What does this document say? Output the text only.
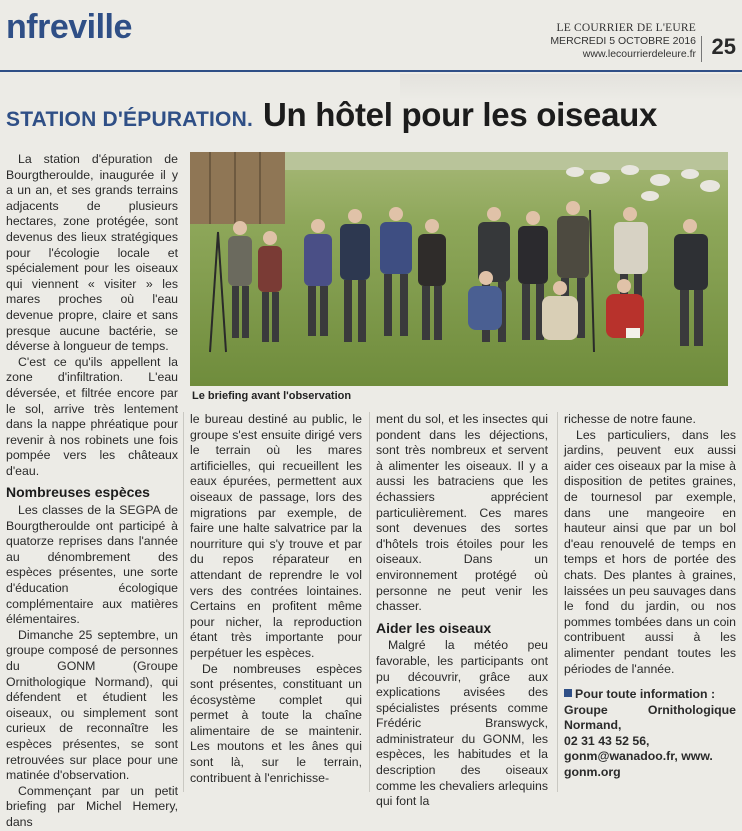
nfreville	LE COURRIER DE L'EURE
MERCREDI 5 OCTOBRE 2016
www.lecourrierdeleure.fr 25
STATION D'ÉPURATION. Un hôtel pour les oiseaux
Le briefing avant l'observation

La station d'épuration de Bourgtheroulde, inaugurée il y a un an, et ses grands terrains adjacents de plusieurs hectares, zone protégée, sont devenus des lieux stratégiques pour l'écologie locale et spécialement pour les oiseaux qui viennent « visiter » les mares proches où l'eau devenue propre, claire et sans presque aucune bactérie, se déverse à longueur de temps.

C'est ce qu'ils appellent la zone d'infiltration. L'eau déversée, et filtrée encore par le sol, arrive très lentement dans la nappe phréatique pour revenir à nos robinets une fois pompée vers les châteaux d'eau.

Nombreuses espèces

Les classes de la SEGPA de Bourgtheroulde ont participé à quatorze reprises dans l'année au dénombrement des espèces présentes, une sorte d'éducation écologique complémentaire aux matières élémentaires.

Dimanche 25 septembre, un groupe composé de personnes du GONM (Groupe Ornithologique Normand), qui défendent et étudient les oiseaux, ou simplement sont curieux de reconnaître les espèces présentes, se sont retrouvées sur place pour une matinée d'observation.

Commençant par un petit briefing par Michel Hemery, dans

le bureau destiné au public, le groupe s'est ensuite dirigé vers le terrain où les mares artificielles, qui recueillent les eaux épurées, permettent aux oiseaux de passage, lors des migrations par exemple, de faire une halte salvatrice par la nourriture qui s'y trouve et par du repos réparateur en attendant de reprendre le vol vers des contrées lointaines. Certains en profitent même pour nicher, la reproduction étant très importante pour perpétuer les espèces.

De nombreuses espèces sont présentes, constituant un écosystème complet qui permet à toute la chaîne alimentaire de se maintenir. Les moutons et les ânes qui sont là, sur le terrain, contribuent à l'enrichisse-

ment du sol, et les insectes qui pondent dans les déjections, sont très nombreux et servent à alimenter les oiseaux. Il y a aussi les batraciens que les échassiers apprécient particulièrement. Ces mares sont devenues des sortes d'hôtels trois étoiles pour les oiseaux. Dans un environnement protégé où personne ne peut venir les chasser.

Aider les oiseaux

Malgré la météo peu favorable, les participants ont pu découvrir, grâce aux explications avisées des spécialistes présents comme Frédéric Branswyck, administrateur du GONM, les espèces, les habitudes et la description des oiseaux comme les chevaliers arlequins qui font la

richesse de notre faune.

Les particuliers, dans les jardins, peuvent eux aussi aider ces oiseaux par la mise à disposition de petites graines, de tournesol par exemple, dans une mangeoire en hauteur ainsi que par un bol d'eau renouvelé de temps en temps et hors de portée des chats. Des plantes à graines, laissées un peu sauvages dans le fond du jardin, ou nos pommes tombées dans un coin contribuent aussi à les alimenter pendant toutes les périodes de l'année.

Pour toute information :
Groupe Ornithologique Normand,
02 31 43 52 56,
gonm@wanadoo.fr, www.
gonm.org
